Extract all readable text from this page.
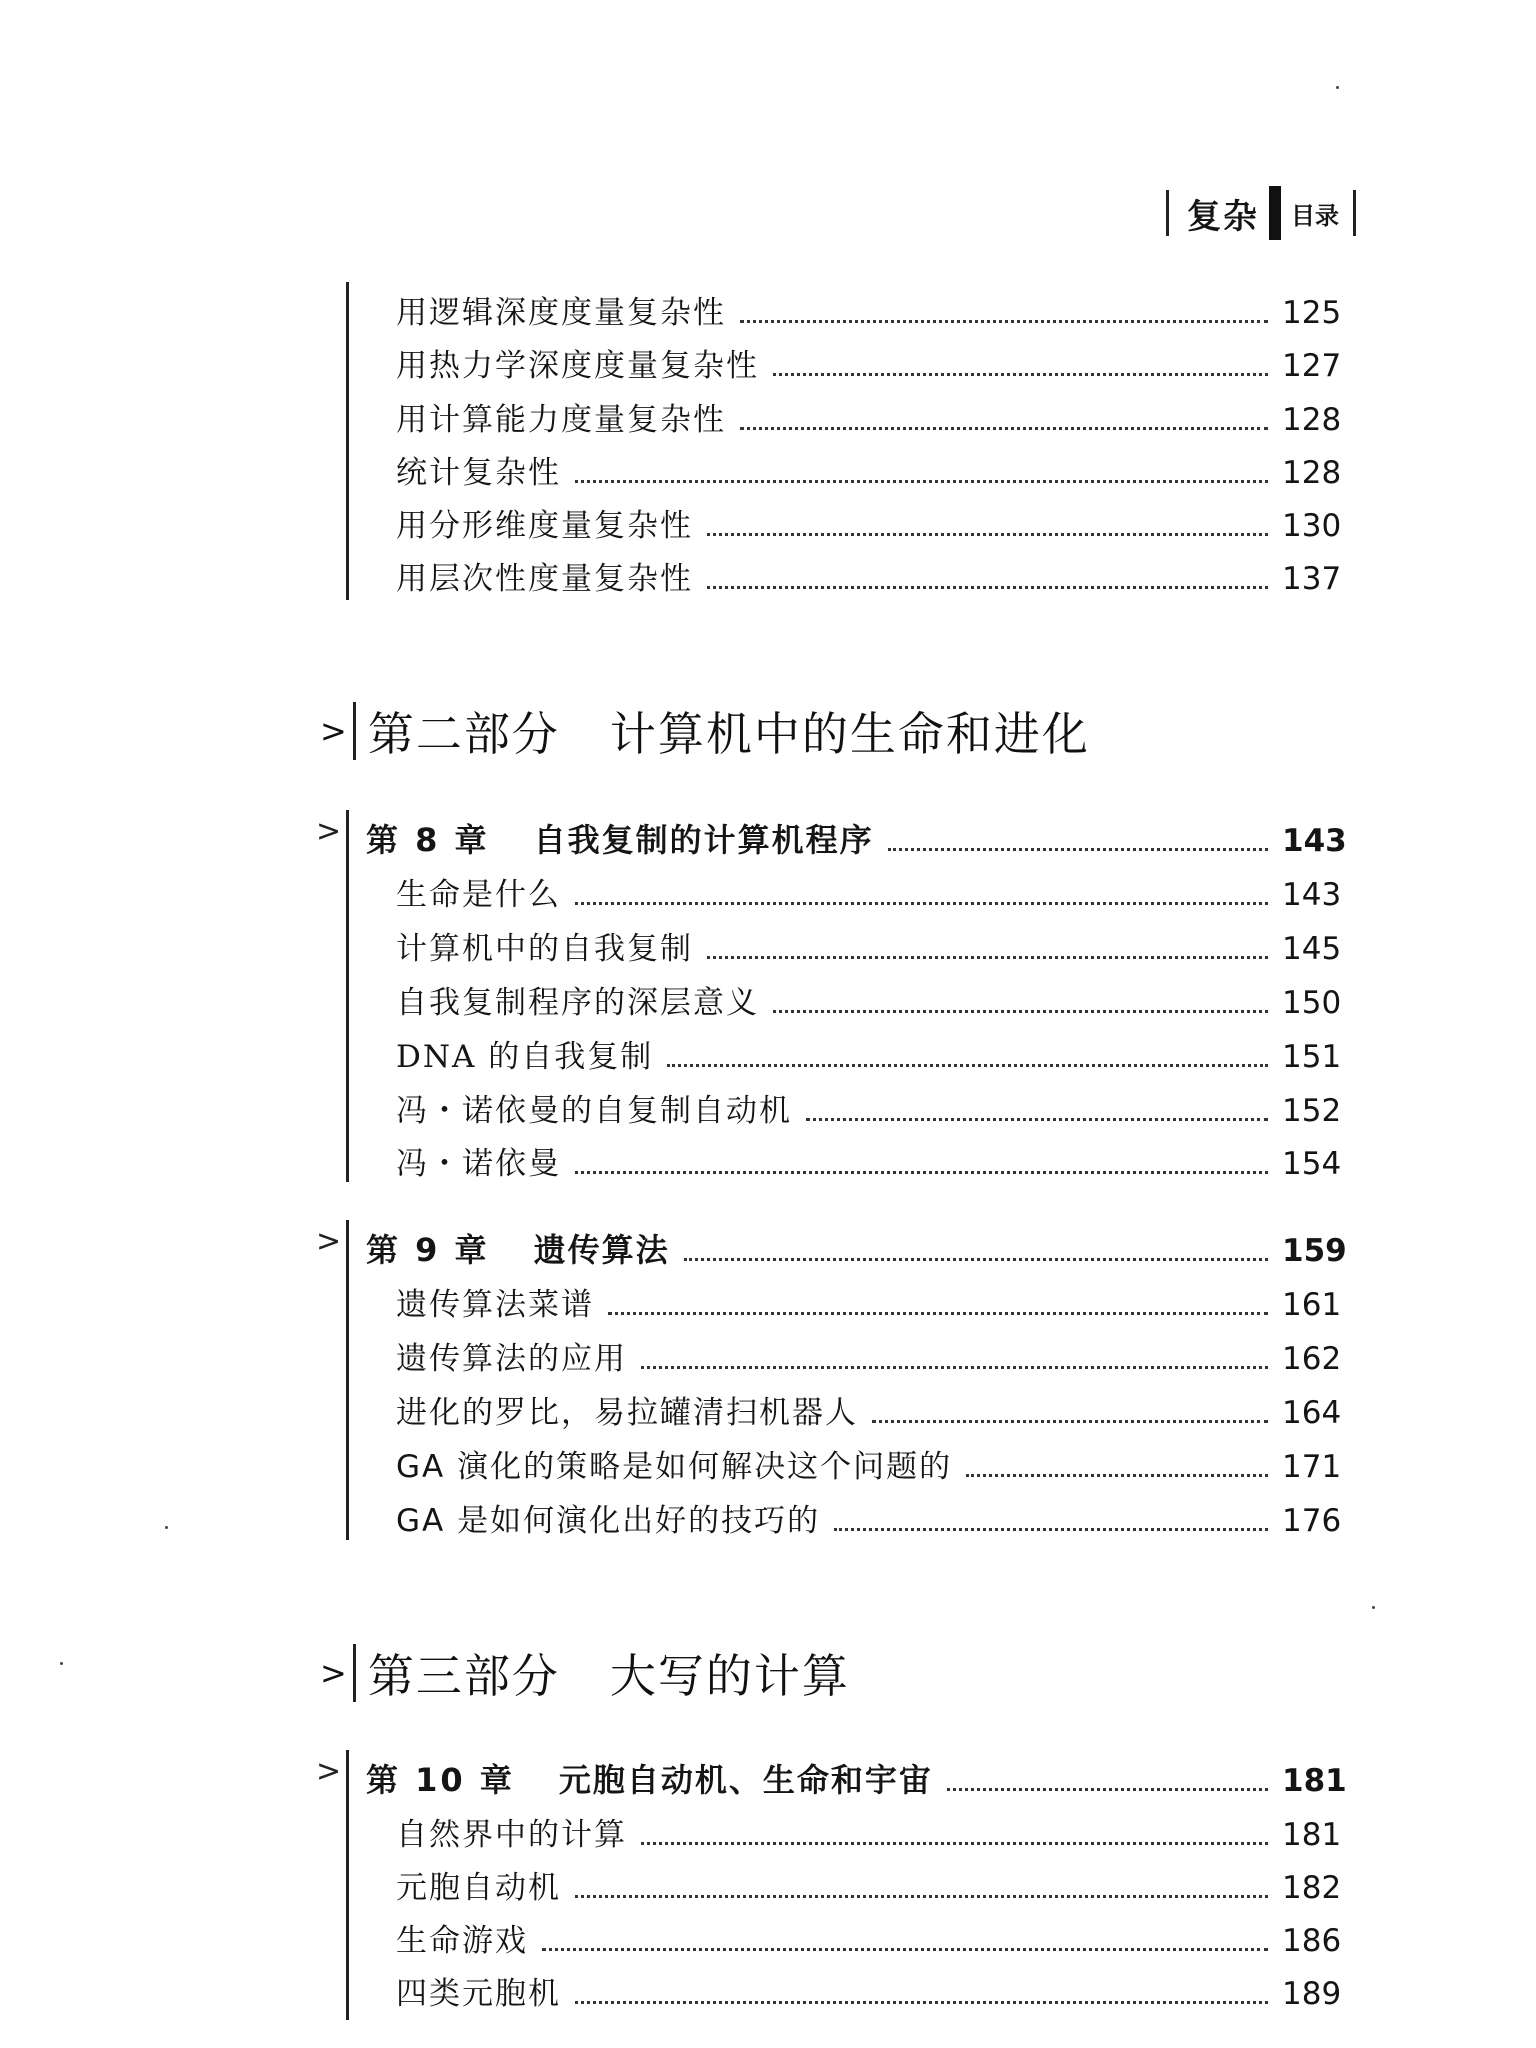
复杂 目录
用逻辑深度度量复杂性	125
用热力学深度度量复杂性	127
用计算能力度量复杂性	128
统计复杂性	128
用分形维度量复杂性	130
用层次性度量复杂性	137
> 第二部分 计算机中的生命和进化
> 第 8 章 自我复制的计算机程序	143
生命是什么	143
计算机中的自我复制	145
自我复制程序的深层意义	150
DNA 的自我复制	151
冯・诺依曼的自复制自动机	152
冯・诺依曼	154
> 第 9 章 遗传算法	159
遗传算法菜谱	161
遗传算法的应用	162
进化的罗比，易拉罐清扫机器人	164
GA 演化的策略是如何解决这个问题的	171
GA 是如何演化出好的技巧的	176
> 第三部分 大写的计算
> 第 10 章 元胞自动机、生命和宇宙	181
自然界中的计算	181
元胞自动机	182
生命游戏	186
四类元胞机	189
